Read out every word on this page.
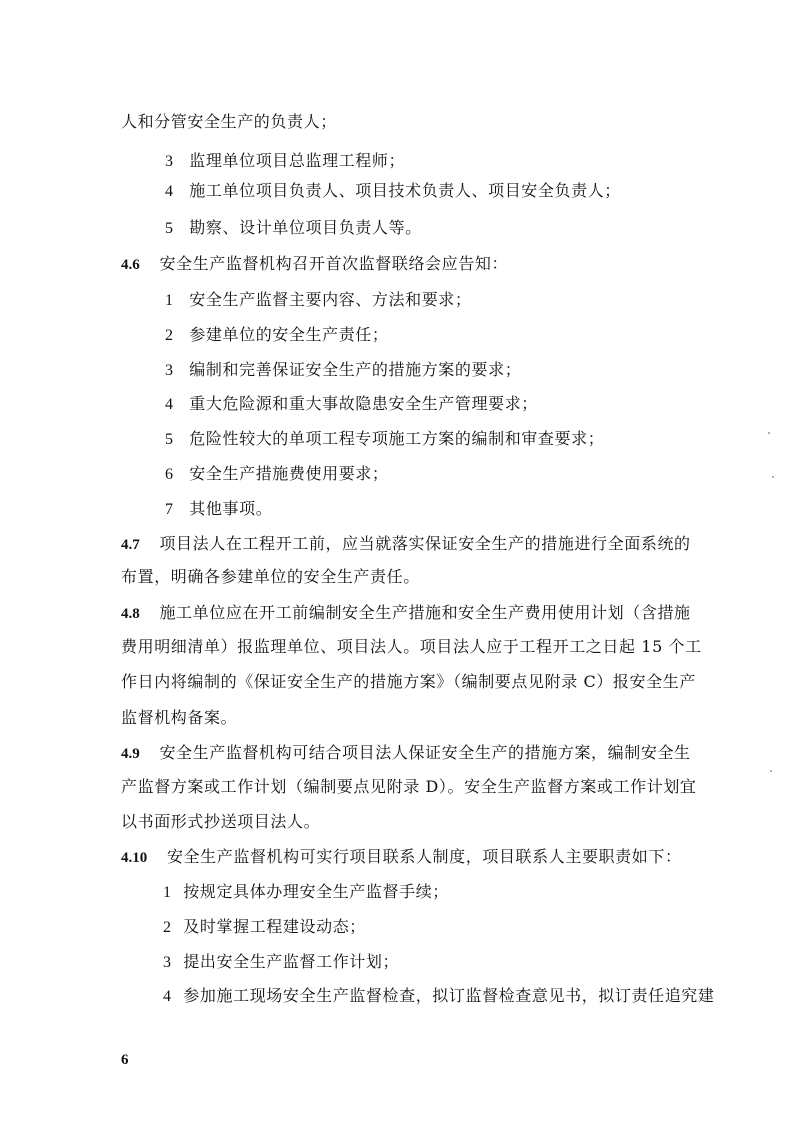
人和分管安全生产的负责人；
3 监理单位项目总监理工程师；
4 施工单位项目负责人、项目技术负责人、项目安全负责人；
5 勘察、设计单位项目负责人等。
4.6 安全生产监督机构召开首次监督联络会应告知：
1 安全生产监督主要内容、方法和要求；
2 参建单位的安全生产责任；
3 编制和完善保证安全生产的措施方案的要求；
4 重大危险源和重大事故隐患安全生产管理要求；
5 危险性较大的单项工程专项施工方案的编制和审查要求；
6 安全生产措施费使用要求；
7 其他事项。
4.7 项目法人在工程开工前，应当就落实保证安全生产的措施进行全面系统的
布置，明确各参建单位的安全生产责任。
4.8 施工单位应在开工前编制安全生产措施和安全生产费用使用计划（含措施
费用明细清单）报监理单位、项目法人。项目法人应于工程开工之日起 15 个工
作日内将编制的《保证安全生产的措施方案》（编制要点见附录 C）报安全生产
监督机构备案。
4.9 安全生产监督机构可结合项目法人保证安全生产的措施方案，编制安全生
产监督方案或工作计划（编制要点见附录 D）。安全生产监督方案或工作计划宜
以书面形式抄送项目法人。
4.10 安全生产监督机构可实行项目联系人制度，项目联系人主要职责如下：
1 按规定具体办理安全生产监督手续；
2 及时掌握工程建设动态；
3 提出安全生产监督工作计划；
4 参加施工现场安全生产监督检查，拟订监督检查意见书，拟订责任追究建
6
